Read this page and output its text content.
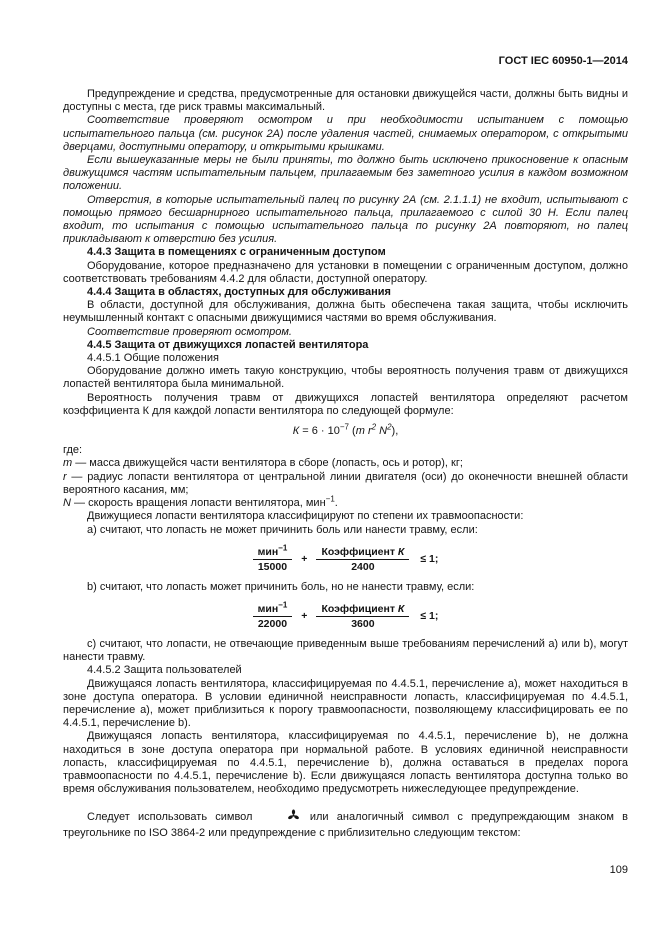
ГОСТ IEC 60950-1—2014

Предупреждение и средства, предусмотренные для остановки движущейся части, должны быть видны и доступны с места, где риск травмы максимальный.

Соответствие проверяют осмотром и при необходимости испытанием с помощью испытательного пальца (см. рисунок 2А) после удаления частей, снимаемых оператором, с открытыми дверцами, доступными оператору, и открытыми крышками.

Если вышеуказанные меры не были приняты, то должно быть исключено прикосновение к опасным движущимся частям испытательным пальцем, прилагаемым без заметного усилия в каждом возможном положении.

Отверстия, в которые испытательный палец по рисунку 2А (см. 2.1.1.1) не входит, испытывают с помощью прямого бесшарнирного испытательного пальца, прилагаемого с силой 30 Н. Если палец входит, то испытания с помощью испытательного пальца по рисунку 2А повторяют, но палец прикладывают к отверстию без усилия.

4.4.3 Защита в помещениях с ограниченным доступом

Оборудование, которое предназначено для установки в помещении с ограниченным доступом, должно соответствовать требованиям 4.4.2 для области, доступной оператору.

4.4.4 Защита в областях, доступных для обслуживания

В области, доступной для обслуживания, должна быть обеспечена такая защита, чтобы исключить неумышленный контакт с опасными движущимися частями во время обслуживания.

Соответствие проверяют осмотром.

4.4.5 Защита от движущихся лопастей вентилятора

4.4.5.1 Общие положения

Оборудование должно иметь такую конструкцию, чтобы вероятность получения травм от движущихся лопастей вентилятора была минимальной.

Вероятность получения травм от движущихся лопастей вентилятора определяют расчетом коэффициента К для каждой лопасти вентилятора по следующей формуле:

$К = 6 \cdot 10^{-7}$ (m $r^2$ $N^2$),

где:

m — масса движущейся части вентилятора в сборе (лопасть, ось и ротор), кг;

r — радиус лопасти вентилятора от центральной линии двигателя (оси) до оконечности внешней области вероятного касания, мм;

N — скорость вращения лопасти вентилятора, мин$^{-1}$.

Движущиеся лопасти вентилятора классифицируют по степени их травмоопасности:

а) считают, что лопасть не может причинить боль или нанести травму, если:

$\frac{мин^{-1}}{15000} + \frac{\text{Коэффициент К}}{2400} \le 1$;

b) считают, что лопасть может причинить боль, но не нанести травму, если:

$\frac{мин^{-1}}{22000} + \frac{\text{Коэффициент К}}{3600} \le 1$;

с) считают, что лопасти, не отвечающие приведенным выше требованиям перечислений а) или b), могут нанести травму.

4.4.5.2 Защита пользователей

Движущаяся лопасть вентилятора, классифицируемая по 4.4.5.1, перечисление а), может находиться в зоне доступа оператора. В условии единичной неисправности лопасть, классифицируемая по 4.4.5.1, перечисление а), может приблизиться к порогу травмоопасности, позволяющему классифицировать ее по 4.4.5.1, перечисление b).

Движущаяся лопасть вентилятора, классифицируемая по 4.4.5.1, перечисление b), не должна находиться в зоне доступа оператора при нормальной работе. В условиях единичной неисправности лопасть, классифицируемая по 4.4.5.1, перечисление b), должна оставаться в пределах порога травмоопасности по 4.4.5.1, перечисление b). Если движущаяся лопасть вентилятора доступна только во время обслуживания пользователем, необходимо предусмотреть нижеследующее предупреждение.

Следует использовать символ	или аналогичный символ с предупреждающим знаком в треугольнике по ISO 3864-2 или предупреждение с приблизительно следующим текстом:

109
